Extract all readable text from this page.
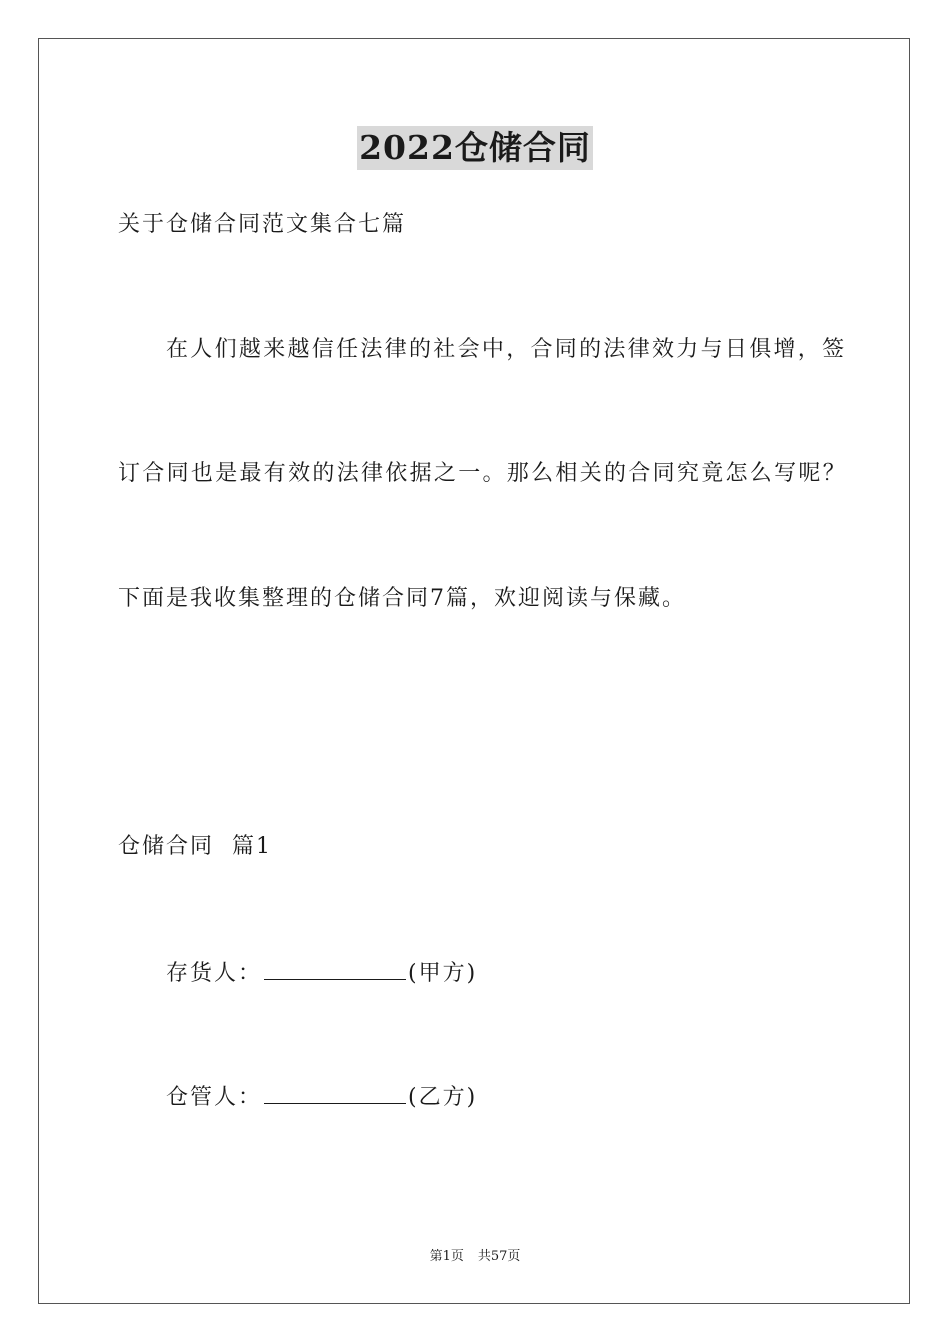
2022仓储合同
关于仓储合同范文集合七篇
在人们越来越信任法律的社会中，合同的法律效力与日俱增，签
订合同也是最有效的法律依据之一。那么相关的合同究竟怎么写呢？
下面是我收集整理的仓储合同7篇，欢迎阅读与保藏。
仓储合同  篇1
存货人：	(甲方)
仓管人：	(乙方)
第1页 共57页
